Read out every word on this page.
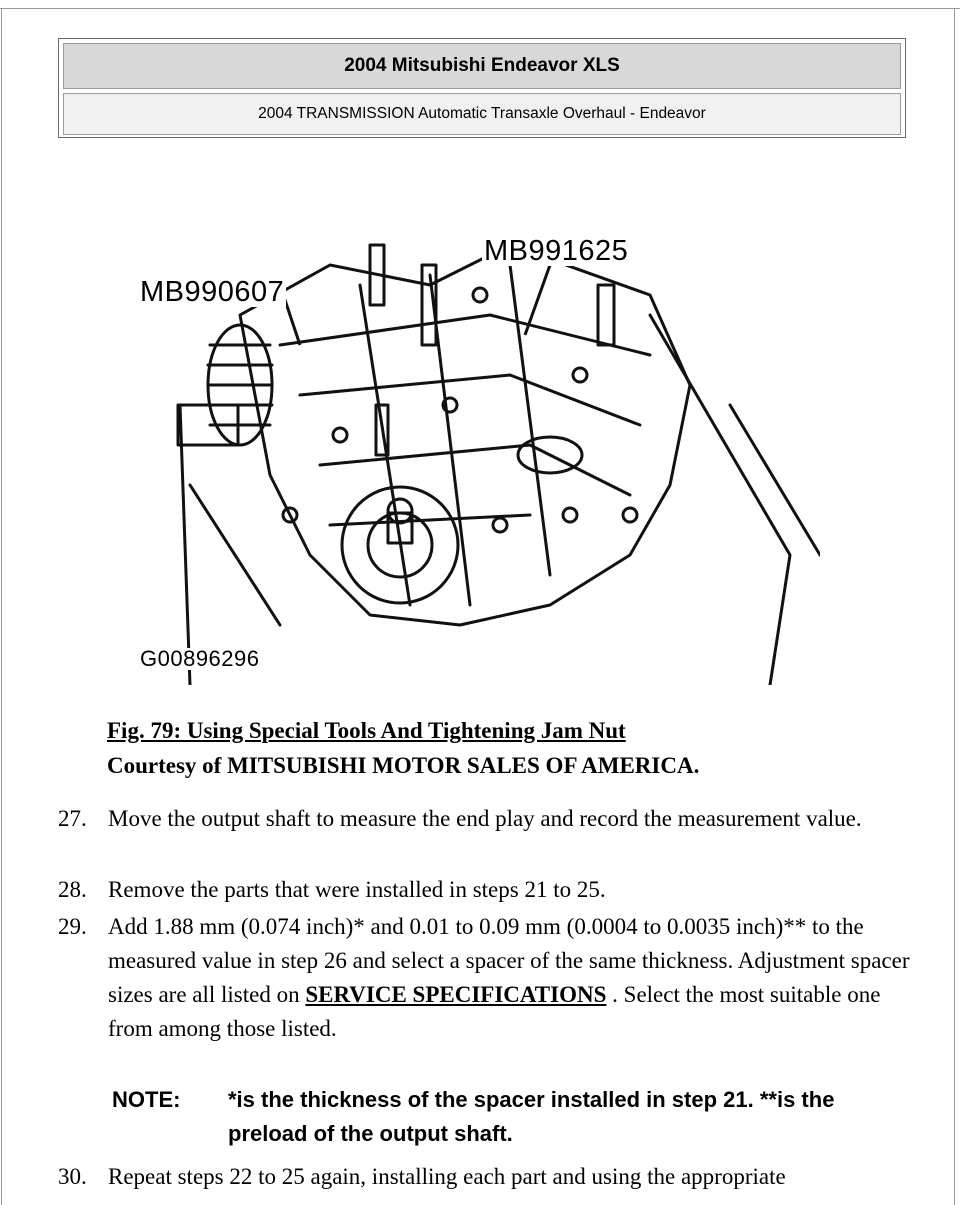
2004 Mitsubishi Endeavor XLS
2004 TRANSMISSION Automatic Transaxle Overhaul - Endeavor
MB990607
MB991625
G00896296
Fig. 79: Using Special Tools And Tightening Jam Nut
Courtesy of MITSUBISHI MOTOR SALES OF AMERICA.
27. Move the output shaft to measure the end play and record the measurement value.
28. Remove the parts that were installed in steps 21 to 25.
29. Add 1.88 mm (0.074 inch)* and 0.01 to 0.09 mm (0.0004 to 0.0035 inch)** to the measured value in step 26 and select a spacer of the same thickness. Adjustment spacer sizes are all listed on SERVICE SPECIFICATIONS . Select the most suitable one from among those listed.
NOTE: *is the thickness of the spacer installed in step 21. **is the preload of the output shaft.
30. Repeat steps 22 to 25 again, installing each part and using the appropriate
